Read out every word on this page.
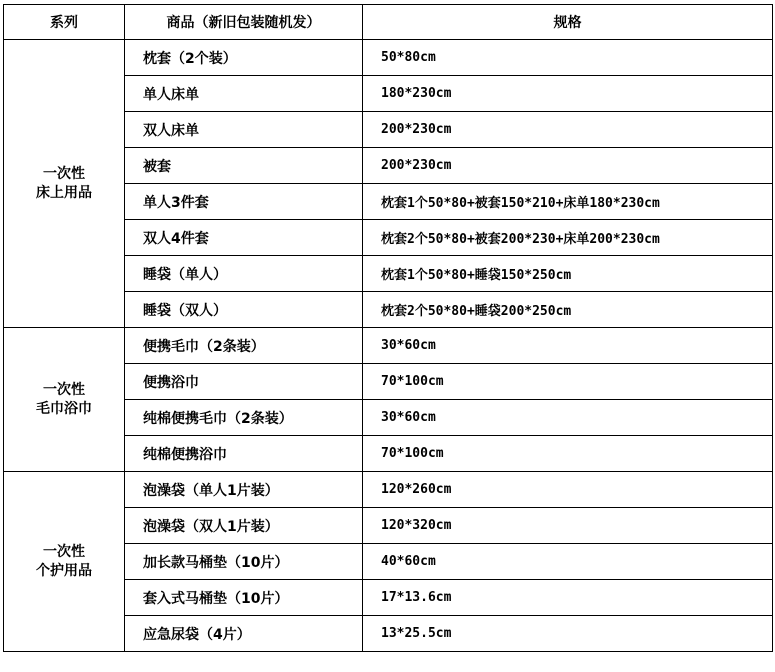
系列	商品（新旧包装随机发）	规格
一次性
床上用品	枕套（2个装）	50*80cm
	单人床单	180*230cm
	双人床单	200*230cm
	被套	200*230cm
	单人3件套	枕套1个50*80+被套150*210+床单180*230cm
	双人4件套	枕套2个50*80+被套200*230+床单200*230cm
	睡袋（单人）	枕套1个50*80+睡袋150*250cm
	睡袋（双人）	枕套2个50*80+睡袋200*250cm
一次性
毛巾浴巾	便携毛巾（2条装）	30*60cm
	便携浴巾	70*100cm
	纯棉便携毛巾（2条装）	30*60cm
	纯棉便携浴巾	70*100cm
一次性
个护用品	泡澡袋（单人1片装）	120*260cm
	泡澡袋（双人1片装）	120*320cm
	加长款马桶垫（10片）	40*60cm
	套入式马桶垫（10片）	17*13.6cm
	应急尿袋（4片）	13*25.5cm
